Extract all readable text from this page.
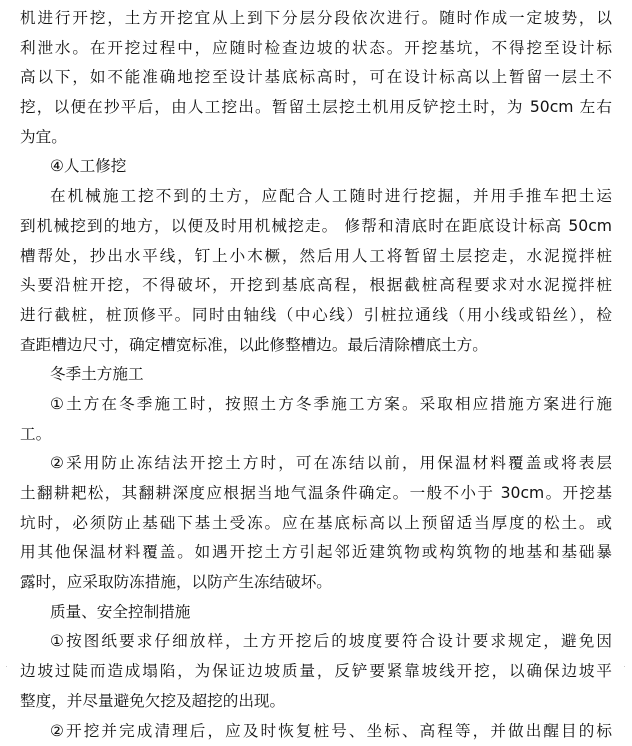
机进行开挖，土方开挖宜从上到下分层分段依次进行。随时作成一定坡势，以
利泄水。在开挖过程中，应随时检查边坡的状态。开挖基坑，不得挖至设计标
高以下，如不能准确地挖至设计基底标高时，可在设计标高以上暂留一层土不
挖，以便在抄平后，由人工挖出。暂留土层挖土机用反铲挖土时，为 50cm 左右
为宜。
④人工修挖
在机械施工挖不到的土方，应配合人工随时进行挖掘，并用手推车把土运
到机械挖到的地方，以便及时用机械挖走。 修帮和清底时在距底设计标高 50cm
槽帮处，抄出水平线，钉上小木橛，然后用人工将暂留土层挖走，水泥搅拌桩
头要沿桩开挖，不得破坏，开挖到基底高程，根据截桩高程要求对水泥搅拌桩
进行截桩，桩顶修平。同时由轴线（中心线）引桩拉通线（用小线或铅丝），检
查距槽边尺寸，确定槽宽标准，以此修整槽边。最后清除槽底土方。
冬季土方施工
①土方在冬季施工时，按照土方冬季施工方案。采取相应措施方案进行施
工。
②采用防止冻结法开挖土方时，可在冻结以前，用保温材料覆盖或将表层
土翻耕耙松，其翻耕深度应根据当地气温条件确定。一般不小于 30cm。开挖基
坑时，必须防止基础下基土受冻。应在基底标高以上预留适当厚度的松土。或
用其他保温材料覆盖。如遇开挖土方引起邻近建筑物或构筑物的地基和基础暴
露时，应采取防冻措施，以防产生冻结破坏。
质量、安全控制措施
①按图纸要求仔细放样，土方开挖后的坡度要符合设计要求规定，避免因
边坡过陡而造成塌陷，为保证边坡质量，反铲要紧靠坡线开挖，以确保边坡平
整度，并尽量避免欠挖及超挖的出现。
②开挖并完成清理后，应及时恢复桩号、坐标、高程等，并做出醒目的标
